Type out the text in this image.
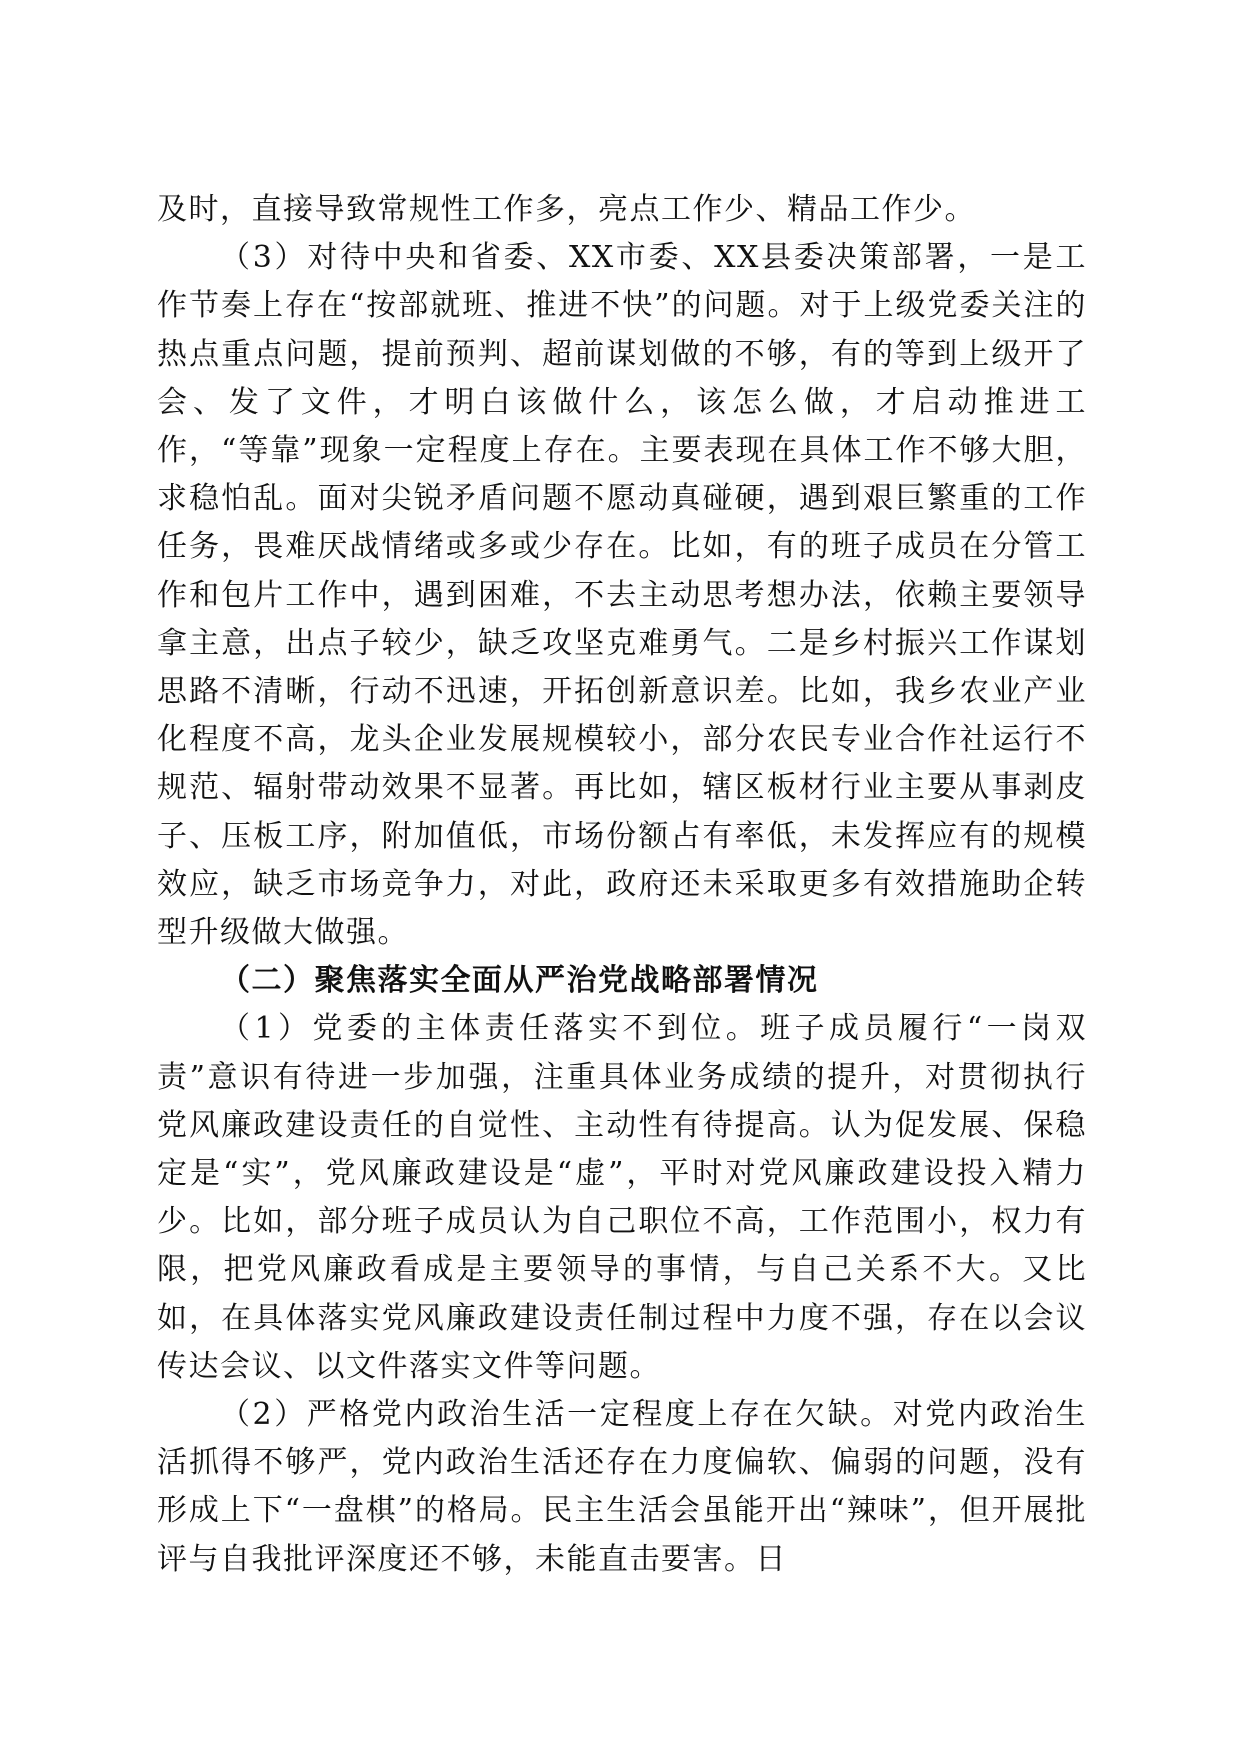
及时，直接导致常规性工作多，亮点工作少、精品工作少。

（3）对待中央和省委、XX市委、XX县委决策部署，一是工作节奏上存在“按部就班、推进不快”的问题。对于上级党委关注的热点重点问题，提前预判、超前谋划做的不够，有的等到上级开了会、发了文件，才明白该做什么，该怎么做，才启动推进工作，“等靠”现象一定程度上存在。主要表现在具体工作不够大胆，求稳怕乱。面对尖锐矛盾问题不愿动真碰硬，遇到艰巨繁重的工作任务，畏难厌战情绪或多或少存在。比如，有的班子成员在分管工作和包片工作中，遇到困难，不去主动思考想办法，依赖主要领导拿主意，出点子较少，缺乏攻坚克难勇气。二是乡村振兴工作谋划思路不清晰，行动不迅速，开拓创新意识差。比如，我乡农业产业化程度不高，龙头企业发展规模较小，部分农民专业合作社运行不规范、辐射带动效果不显著。再比如，辖区板材行业主要从事剥皮子、压板工序，附加值低，市场份额占有率低，未发挥应有的规模效应，缺乏市场竞争力，对此，政府还未采取更多有效措施助企转型升级做大做强。

（二）聚焦落实全面从严治党战略部署情况

（1）党委的主体责任落实不到位。班子成员履行“一岗双责”意识有待进一步加强，注重具体业务成绩的提升，对贯彻执行党风廉政建设责任的自觉性、主动性有待提高。认为促发展、保稳定是“实”，党风廉政建设是“虚”，平时对党风廉政建设投入精力少。比如，部分班子成员认为自己职位不高，工作范围小，权力有限，把党风廉政看成是主要领导的事情，与自己关系不大。又比如，在具体落实党风廉政建设责任制过程中力度不强，存在以会议传达会议、以文件落实文件等问题。

（2）严格党内政治生活一定程度上存在欠缺。对党内政治生活抓得不够严，党内政治生活还存在力度偏软、偏弱的问题，没有形成上下“一盘棋”的格局。民主生活会虽能开出“辣味”，但开展批评与自我批评深度还不够，未能直击要害。日
